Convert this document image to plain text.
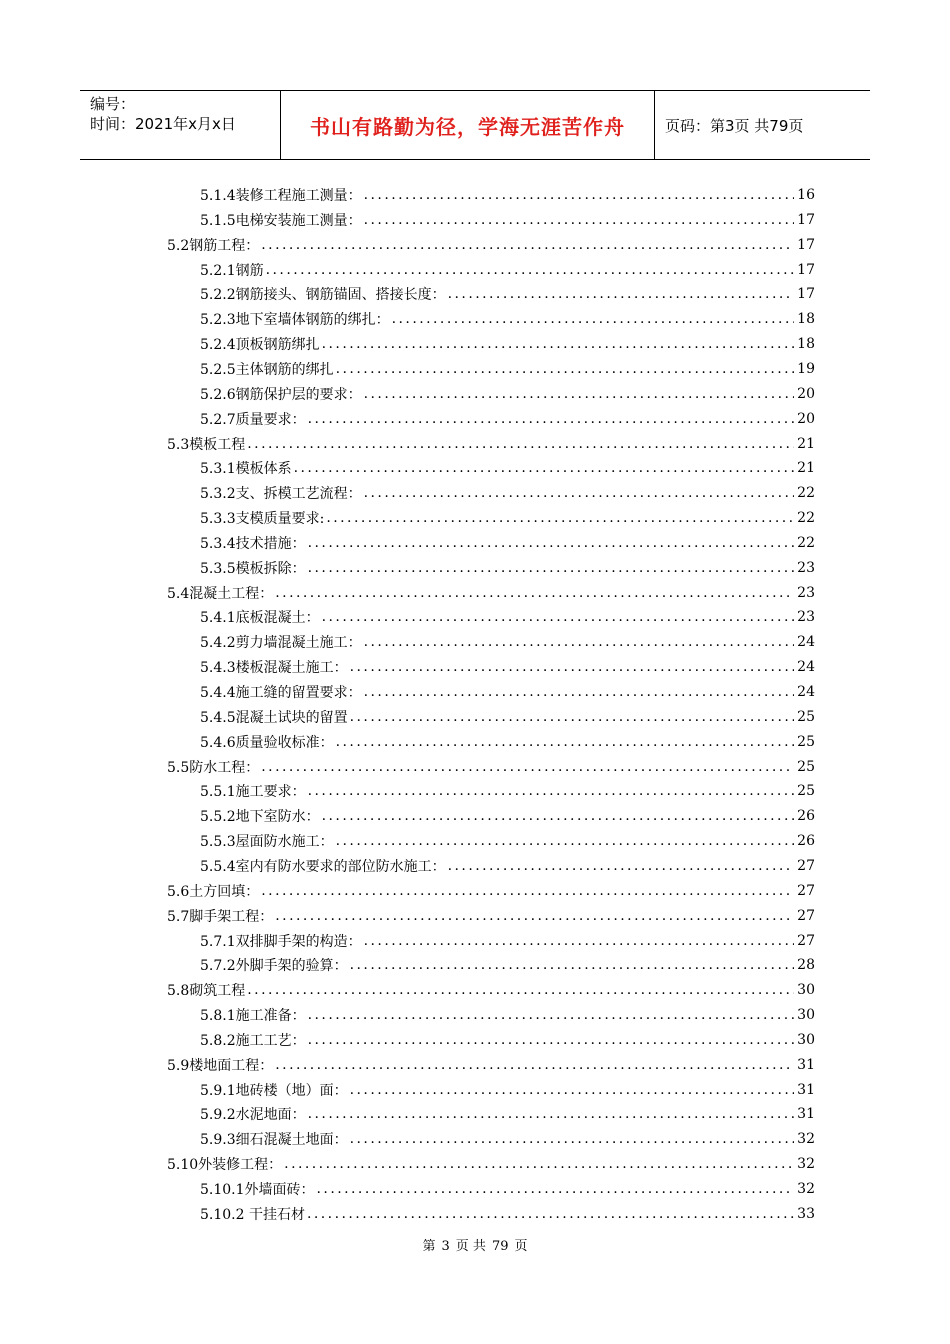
编号：
时间：2021年x月x日	书山有路勤为径，学海无涯苦作舟	页码：第3页 共79页
5.1.4装修工程施工测量： . . .	16
5.1.5电梯安装施工测量： . . .	17
5.2钢筋工程： . . .	17
5.2.1钢筋 . . .	17
5.2.2钢筋接头、钢筋锚固、搭接长度： . . .	17
5.2.3地下室墙体钢筋的绑扎： . . .	18
5.2.4顶板钢筋绑扎 . . .	18
5.2.5主体钢筋的绑扎 . . .	19
5.2.6钢筋保护层的要求： . . .	20
5.2.7质量要求： . . .	20
5.3模板工程 . . .	21
5.3.1模板体系 . . .	21
5.3.2支、拆模工艺流程： . . .	22
5.3.3支模质量要求: . . .	22
5.3.4技术措施： . . .	22
5.3.5模板拆除： . . .	23
5.4混凝土工程： . . .	23
5.4.1底板混凝土： . . .	23
5.4.2剪力墙混凝土施工： . . .	24
5.4.3楼板混凝土施工： . . .	24
5.4.4施工缝的留置要求： . . .	24
5.4.5混凝土试块的留置 . . .	25
5.4.6质量验收标准： . . .	25
5.5防水工程： . . .	25
5.5.1施工要求： . . .	25
5.5.2地下室防水： . . .	26
5.5.3屋面防水施工： . . .	26
5.5.4室内有防水要求的部位防水施工： . . .	27
5.6土方回填： . . .	27
5.7脚手架工程： . . .	27
5.7.1双排脚手架的构造： . . .	27
5.7.2外脚手架的验算： . . .	28
5.8砌筑工程 . . .	30
5.8.1施工准备： . . .	30
5.8.2施工工艺： . . .	30
5.9楼地面工程： . . .	31
5.9.1地砖楼（地）面： . . .	31
5.9.2水泥地面： . . .	31
5.9.3细石混凝土地面： . . .	32
5.10外装修工程： . . .	32
5.10.1外墙面砖： . . .	32
5.10.2 干挂石材 . . .	33
第 3 页 共 79 页
